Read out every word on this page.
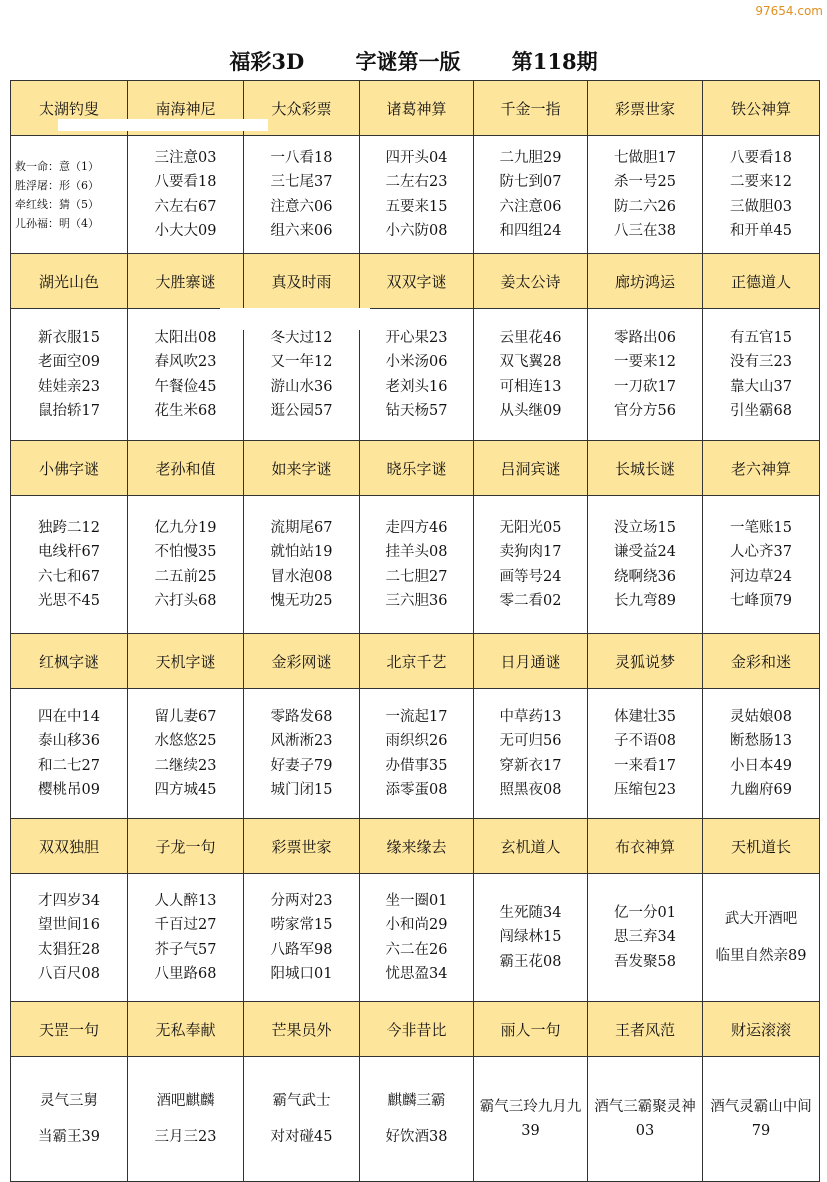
97654.com
福彩3D 字谜第一版 第118期
太湖钓叟	南海神尼	大众彩票	诸葛神算	千金一指	彩票世家	铁公神算

救一命：意（1）
胜浮屠：形（6）
牵红线：猜（5）
儿孙福：明（4）	三注意03
八要看18
六左右67
小大大09	一八看18
三七尾37
注意六06
组六来06	四开头04
二左右23
五要来15
小六防08	二九胆29
防七到07
六注意06
和四组24	七做胆17
杀一号25
防二六26
八三在38	八要看18
二要来12
三做胆03
和开单45

湖光山色	大胜寨谜	真及时雨	双双字谜	姜太公诗	廊坊鸿运	正德道人

新衣服15
老面空09
娃娃亲23
鼠抬轿17	太阳出08
春风吹23
午餐俭45
花生米68	冬大过12
又一年12
游山水36
逛公园57	开心果23
小米汤06
老刘头16
钻天杨57	云里花46
双飞翼28
可相连13
从头继09	零路出06
一要来12
一刀砍17
官分方56	有五官15
没有三23
靠大山37
引坐霸68

小佛字谜	老孙和值	如来字谜	晓乐字谜	吕洞宾谜	长城长谜	老六神算

独跨二12
电线杆67
六七和67
光思不45	亿九分19
不怕慢35
二五前25
六打头68	流期尾67
就怕站19
冒水泡08
愧无功25	走四方46
挂羊头08
二七胆27
三六胆36	无阳光05
卖狗肉17
画等号24
零二看02	没立场15
谦受益24
绕啊绕36
长九弯89	一笔账15
人心齐37
河边草24
七峰顶79

红枫字谜	天机字谜	金彩网谜	北京千艺	日月通谜	灵狐说梦	金彩和迷

四在中14
泰山移36
和二七27
樱桃吊09	留儿妻67
水悠悠25
二继续23
四方城45	零路发68
风淅淅23
好妻子79
城门闭15	一流起17
雨织织26
办借事35
添零蛋08	中草药13
无可归56
穿新衣17
照黑夜08	体建壮35
子不语08
一来看17
压缩包23	灵姑娘08
断愁肠13
小日本49
九幽府69

双双独胆	子龙一句	彩票世家	缘来缘去	玄机道人	布衣神算	天机道长

才四岁34
望世间16
太猖狂28
八百尺08	人人醉13
千百过27
芥子气57
八里路68	分两对23
唠家常15
八路军98
阳城口01	坐一圈01
小和尚29
六二在26
忧思盈34	生死随34
闯绿林15
霸王花08	亿一分01
思三弃34
吾发聚58	武大开酒吧
临里自然亲89

天罡一句	无私奉献	芒果员外	今非昔比	丽人一句	王者风范	财运滚滚

灵气三舅
当霸王39	酒吧麒麟
三月三23	霸气武士
对对碰45	麒麟三霸
好饮酒38	霸气三玲九月九39	酒气三霸聚灵神03	酒气灵霸山中间79
